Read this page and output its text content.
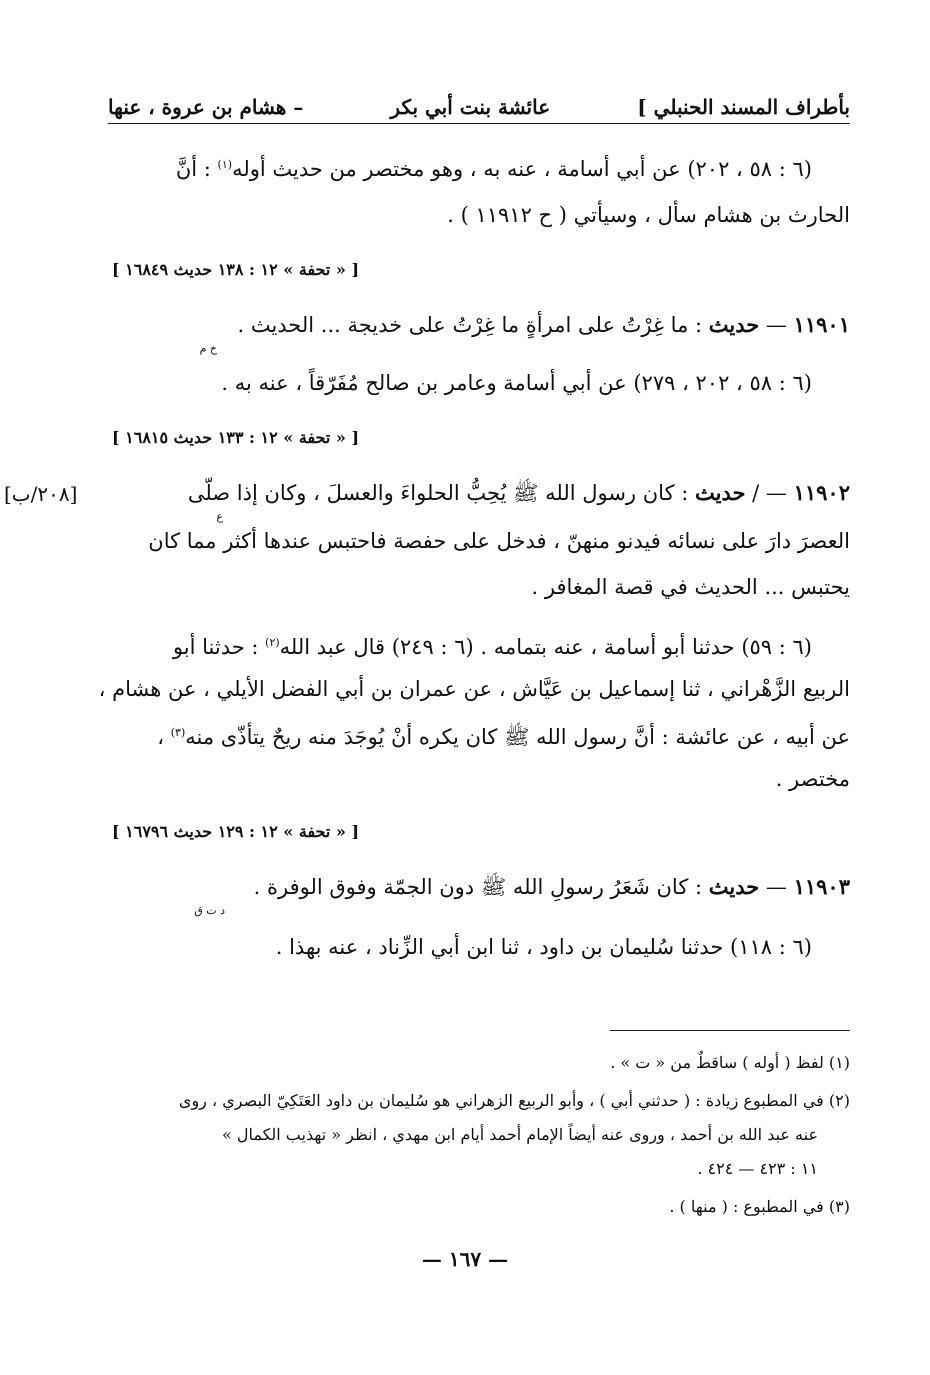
بأطراف المسند الحنبلي ]
عائشة بنت أبي بكر
– هشام بن عروة ، عنها
(٦ : ٥٨ ، ٢٠٢) عن أبي أسامة ، عنه به ، وهو مختصر من حديث أوله$^{(١)}$ : أنَّ
الحارث بن هشام سأل ، وسيأتي ( ح ١١٩١٢ ) .
[ « تحفة » ١٢ : ١٣٨ حديث ١٦٨٤٩ ]
١١٩٠١ — حديث : ما غِرْتُ على امرأةٍ ما غِرْتُ على خديجة ... الحديث .
خ م
(٦ : ٥٨ ، ٢٠٢ ، ٢٧٩) عن أبي أسامة وعامر بن صالح مُفَرّقاً ، عنه به .
[ « تحفة » ١٢ : ١٣٣ حديث ١٦٨١٥ ]
[٢٠٨/ب]	١١٩٠٢ — / حديث : كان رسول الله ﷺ يُحِبُّ الحلواءَ والعسلَ ، وكان إذا صلّى
ع
العصرَ دارَ على نسائه فيدنو منهنّ ، فدخل على حفصة فاحتبس عندها أكثر مما كان
يحتبس ... الحديث في قصة المغافر .
(٦ : ٥٩) حدثنا أبو أسامة ، عنه بتمامه . (٦ : ٢٤٩) قال عبد الله$^{(٢)}$ : حدثنا أبو
الربيع الزَّهْراني ، ثنا إسماعيل بن عَيَّاش ، عن عمران بن أبي الفضل الأيلي ، عن هشام ،
عن أبيه ، عن عائشة : أنَّ رسول الله ﷺ كان يكره أنْ يُوجَدَ منه ريحٌ يتأذّى منه$^{(٣)}$ ،
مختصر .
[ « تحفة » ١٢ : ١٢٩ حديث ١٦٧٩٦ ]
١١٩٠٣ — حديث : كان شَعَرُ رسولِ الله ﷺ دون الجمّة وفوق الوفرة .
د ت ق
(٦ : ١١٨) حدثنا سُليمان بن داود ، ثنا ابن أبي الزِّناد ، عنه بهذا .
(١) لفظ ( أوله ) ساقطٌ من « ت » .
(٢) في المطبوع زيادة : ( حدثني أبي ) ، وأبو الربيع الزهراني هو سُليمان بن داود العَتَكِيّ البصري ، روى
عنه عبد الله بن أحمد ، وروى عنه أيضاً الإمام أحمد أيام ابن مهدي ، انظر « تهذيب الكمال »
١١ : ٤٢٣ — ٤٢٤ .
(٣) في المطبوع : ( منها ) .
— ١٦٧ —
